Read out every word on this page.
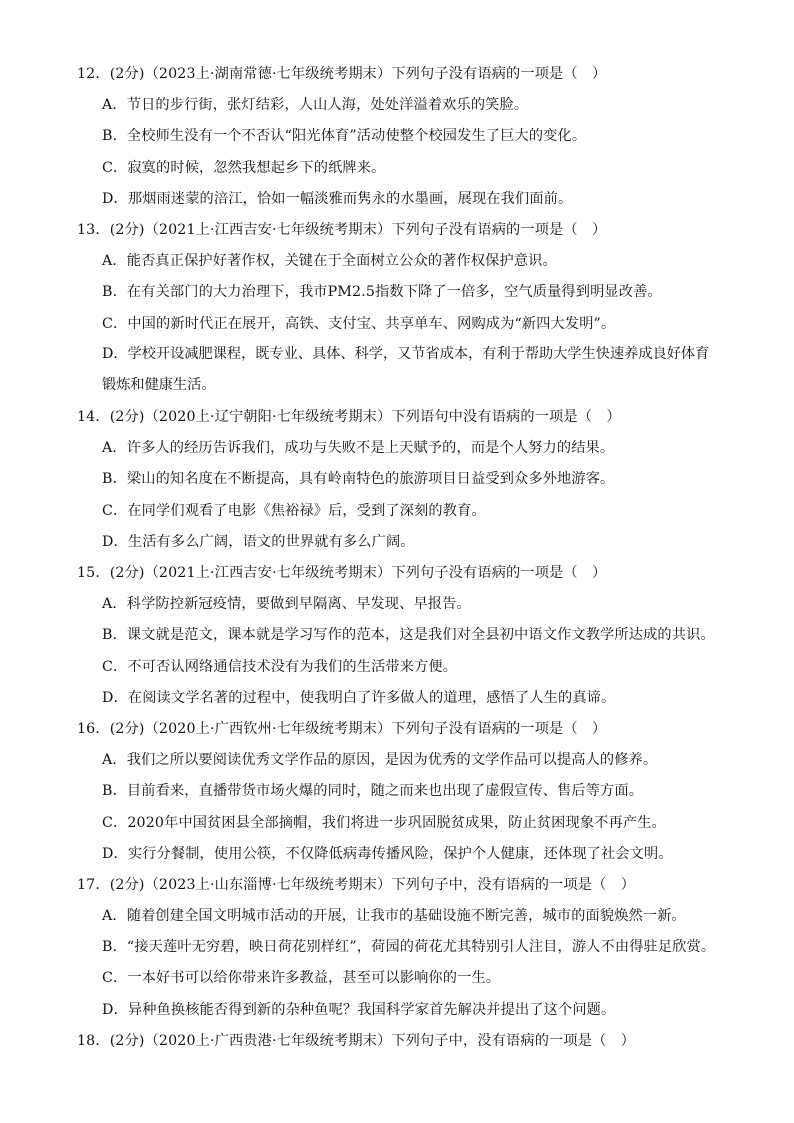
12．(2分)（2023上·湖南常德·七年级统考期末）下列句子没有语病的一项是（　）
A．节日的步行街，张灯结彩，人山人海，处处洋溢着欢乐的笑脸。
B．全校师生没有一个不否认“阳光体育”活动使整个校园发生了巨大的变化。
C．寂寞的时候，忽然我想起乡下的纸牌来。
D．那烟雨迷蒙的涪江，恰如一幅淡雅而隽永的水墨画，展现在我们面前。
13．(2分)（2021上·江西吉安·七年级统考期末）下列句子没有语病的一项是（　）
A．能否真正保护好著作权，关键在于全面树立公众的著作权保护意识。
B．在有关部门的大力治理下，我市PM2.5指数下降了一倍多，空气质量得到明显改善。
C．中国的新时代正在展开，高铁、支付宝、共享单车、网购成为“新四大发明”。
D．学校开设减肥课程，既专业、具体、科学，又节省成本，有利于帮助大学生快速养成良好体育锻炼和健康生活。
14．(2分)（2020上·辽宁朝阳·七年级统考期末）下列语句中没有语病的一项是（　）
A．许多人的经历告诉我们，成功与失败不是上天赋予的，而是个人努力的结果。
B．梁山的知名度在不断提高，具有岭南特色的旅游项目日益受到众多外地游客。
C．在同学们观看了电影《焦裕禄》后，受到了深刻的教育。
D．生活有多么广阔，语文的世界就有多么广阔。
15．(2分)（2021上·江西吉安·七年级统考期末）下列句子没有语病的一项是（　）
A．科学防控新冠疫情，要做到早隔离、早发现、早报告。
B．课文就是范文，课本就是学习写作的范本，这是我们对全县初中语文作文教学所达成的共识。
C．不可否认网络通信技术没有为我们的生活带来方便。
D．在阅读文学名著的过程中，使我明白了许多做人的道理，感悟了人生的真谛。
16．(2分)（2020上·广西钦州·七年级统考期末）下列句子没有语病的一项是（　）
A．我们之所以要阅读优秀文学作品的原因，是因为优秀的文学作品可以提高人的修养。
B．目前看来，直播带货市场火爆的同时，随之而来也出现了虚假宣传、售后等方面。
C．2020年中国贫困县全部摘帽，我们将进一步巩固脱贫成果，防止贫困现象不再产生。
D．实行分餐制，使用公筷，不仅降低病毒传播风险，保护个人健康，还体现了社会文明。
17．(2分)（2023上·山东淄博·七年级统考期末）下列句子中，没有语病的一项是（　）
A．随着创建全国文明城市活动的开展，让我市的基础设施不断完善，城市的面貌焕然一新。
B．“接天莲叶无穷碧，映日荷花别样红”，荷园的荷花尤其特别引人注目，游人不由得驻足欣赏。
C．一本好书可以给你带来许多教益，甚至可以影响你的一生。
D．异种鱼换核能否得到新的杂种鱼呢？我国科学家首先解决并提出了这个问题。
18．(2分)（2020上·广西贵港·七年级统考期末）下列句子中，没有语病的一项是（　）
